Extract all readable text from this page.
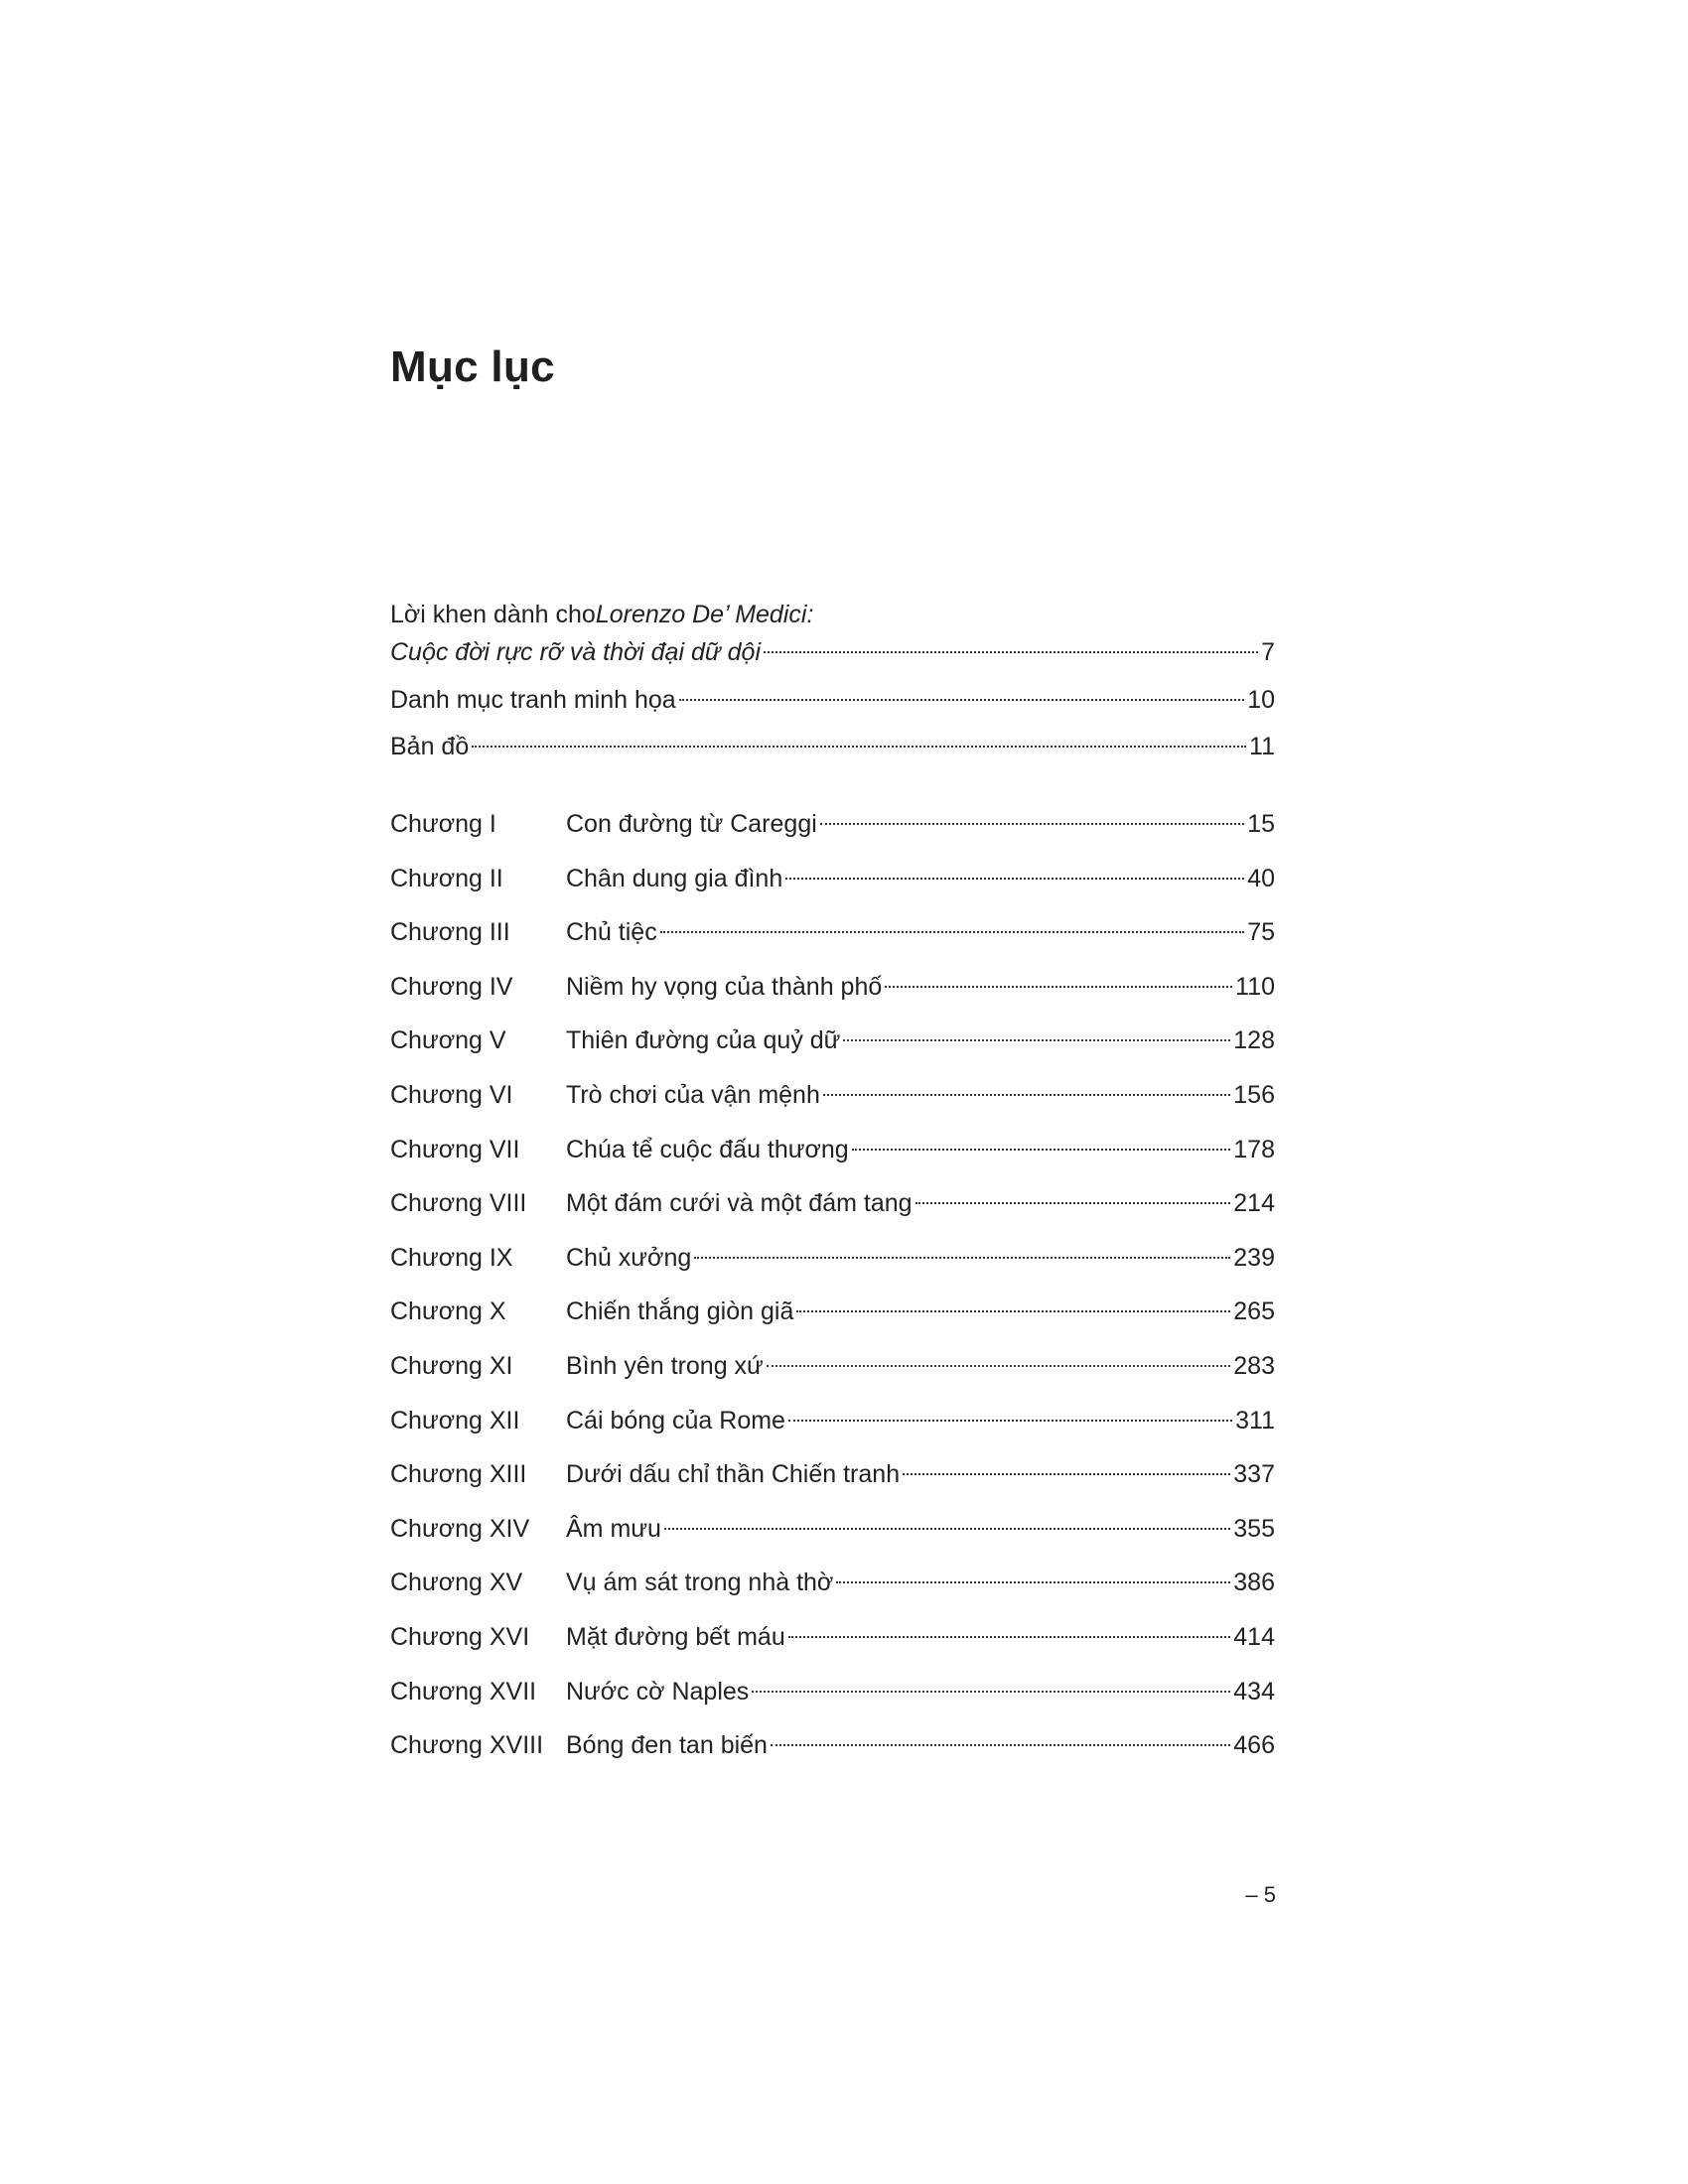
Mục lục
Lời khen dành cho Lorenzo De’ Medici:
Cuộc đời rực rỡ và thời đại dữ dội	7
Danh mục tranh minh họa	10
Bản đồ	11
Chương I	Con đường từ Careggi	15
Chương II	Chân dung gia đình	40
Chương III	Chủ tiệc	75
Chương IV	Niềm hy vọng của thành phố	110
Chương V	Thiên đường của quỷ dữ	128
Chương VI	Trò chơi của vận mệnh	156
Chương VII	Chúa tể cuộc đấu thương	178
Chương VIII	Một đám cưới và một đám tang	214
Chương IX	Chủ xưởng	239
Chương X	Chiến thắng giòn giã	265
Chương XI	Bình yên trong xứ	283
Chương XII	Cái bóng của Rome	311
Chương XIII	Dưới dấu chỉ thần Chiến tranh	337
Chương XIV	Âm mưu	355
Chương XV	Vụ ám sát trong nhà thờ	386
Chương XVI	Mặt đường bết máu	414
Chương XVII	Nước cờ Naples	434
Chương XVIII Bóng đen tan biến	466
– 5
